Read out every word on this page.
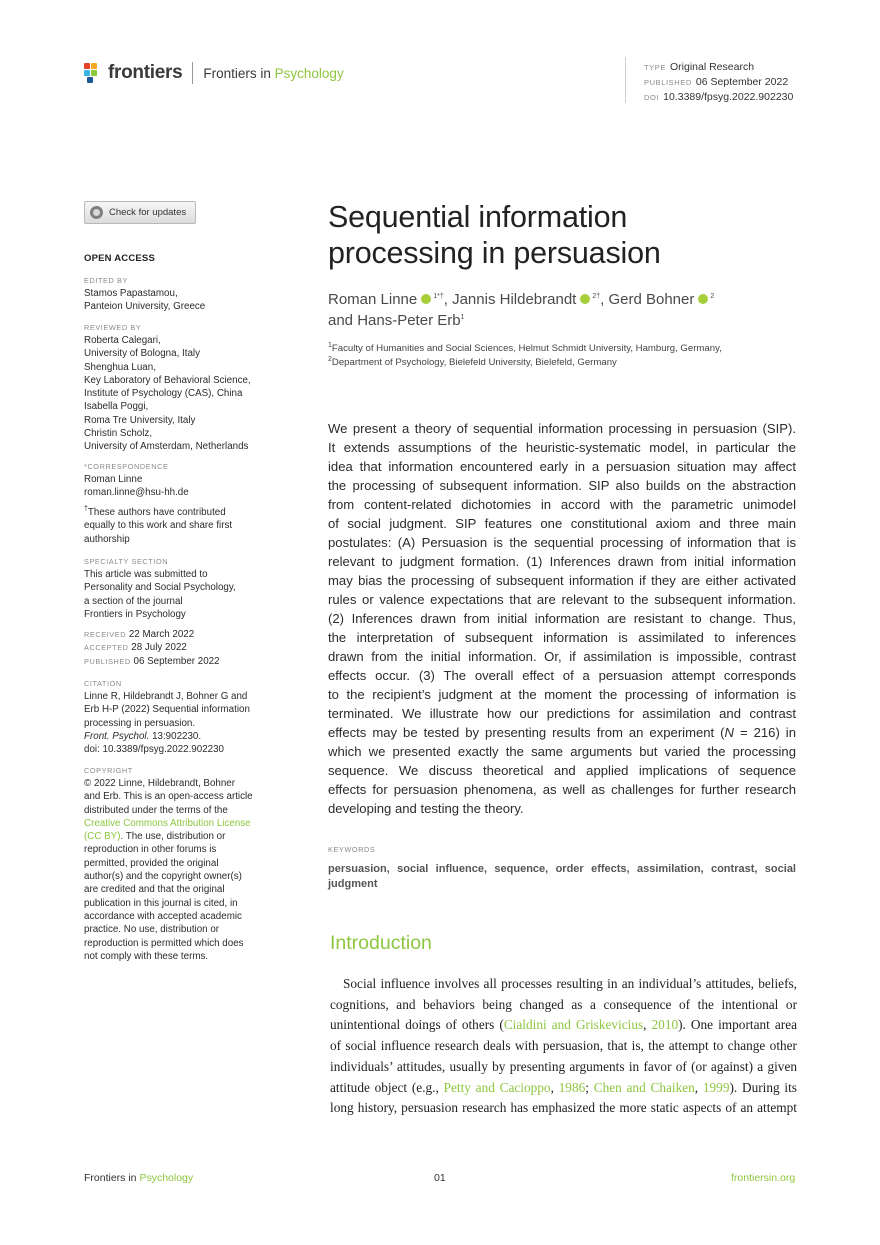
frontiers Frontiers in Psychology	TYPE Original Research
PUBLISHED 06 September 2022
DOI 10.3389/fpsyg.2022.902230
Check for updates
OPEN ACCESS
EDITED BY
Stamos Papastamou,
Panteion University, Greece
REVIEWED BY
Roberta Calegari,
University of Bologna, Italy
Shenghua Luan,
Key Laboratory of Behavioral Science,
Institute of Psychology (CAS), China
Isabella Poggi,
Roma Tre University, Italy
Christin Scholz,
University of Amsterdam, Netherlands
*CORRESPONDENCE
Roman Linne
roman.linne@hsu-hh.de
†These authors have contributed
equally to this work and share first
authorship
SPECIALTY SECTION
This article was submitted to
Personality and Social Psychology,
a section of the journal
Frontiers in Psychology
RECEIVED 22 March 2022
ACCEPTED 28 July 2022
PUBLISHED 06 September 2022
CITATION
Linne R, Hildebrandt J, Bohner G and
Erb H-P (2022) Sequential information
processing in persuasion.
Front. Psychol. 13:902230.
doi: 10.3389/fpsyg.2022.902230
COPYRIGHT
© 2022 Linne, Hildebrandt, Bohner
and Erb. This is an open-access article
distributed under the terms of the
Creative Commons Attribution License
(CC BY). The use, distribution or
reproduction in other forums is
permitted, provided the original
author(s) and the copyright owner(s)
are credited and that the original
publication in this journal is cited, in
accordance with accepted academic
practice. No use, distribution or
reproduction is permitted which does
not comply with these terms.
Sequential information
processing in persuasion
Roman Linne $^{1*\dagger}$, Jannis Hildebrandt $^{2\dagger}$, Gerd Bohner $^2$
and Hans-Peter Erb$^1$
$^1$Faculty of Humanities and Social Sciences, Helmut Schmidt University, Hamburg, Germany,
$^2$Department of Psychology, Bielefeld University, Bielefeld, Germany
We present a theory of sequential information processing in persuasion (SIP).
It extends assumptions of the heuristic-systematic model, in particular the
idea that information encountered early in a persuasion situation may affect
the processing of subsequent information. SIP also builds on the abstraction
from content-related dichotomies in accord with the parametric unimodel
of social judgment. SIP features one constitutional axiom and three main
postulates: (A) Persuasion is the sequential processing of information that is
relevant to judgment formation. (1) Inferences drawn from initial information
may bias the processing of subsequent information if they are either activated
rules or valence expectations that are relevant to the subsequent information.
(2) Inferences drawn from initial information are resistant to change. Thus,
the interpretation of subsequent information is assimilated to inferences
drawn from the initial information. Or, if assimilation is impossible, contrast
effects occur. (3) The overall effect of a persuasion attempt corresponds
to the recipient’s judgment at the moment the processing of information is
terminated. We illustrate how our predictions for assimilation and contrast
effects may be tested by presenting results from an experiment (N = 216) in
which we presented exactly the same arguments but varied the processing
sequence. We discuss theoretical and applied implications of sequence
effects for persuasion phenomena, as well as challenges for further research
developing and testing the theory.
KEYWORDS
persuasion, social influence, sequence, order effects, assimilation, contrast, social
judgment
Introduction
Social influence involves all processes resulting in an individual’s attitudes, beliefs,
cognitions, and behaviors being changed as a consequence of the intentional or
unintentional doings of others (Cialdini and Griskevicius, 2010). One important area
of social influence research deals with persuasion, that is, the attempt to change other
individuals’ attitudes, usually by presenting arguments in favor of (or against) a given
attitude object (e.g., Petty and Cacioppo, 1986; Chen and Chaiken, 1999). During its
long history, persuasion research has emphasized the more static aspects of an attempt
Frontiers in Psychology	01	frontiersin.org
